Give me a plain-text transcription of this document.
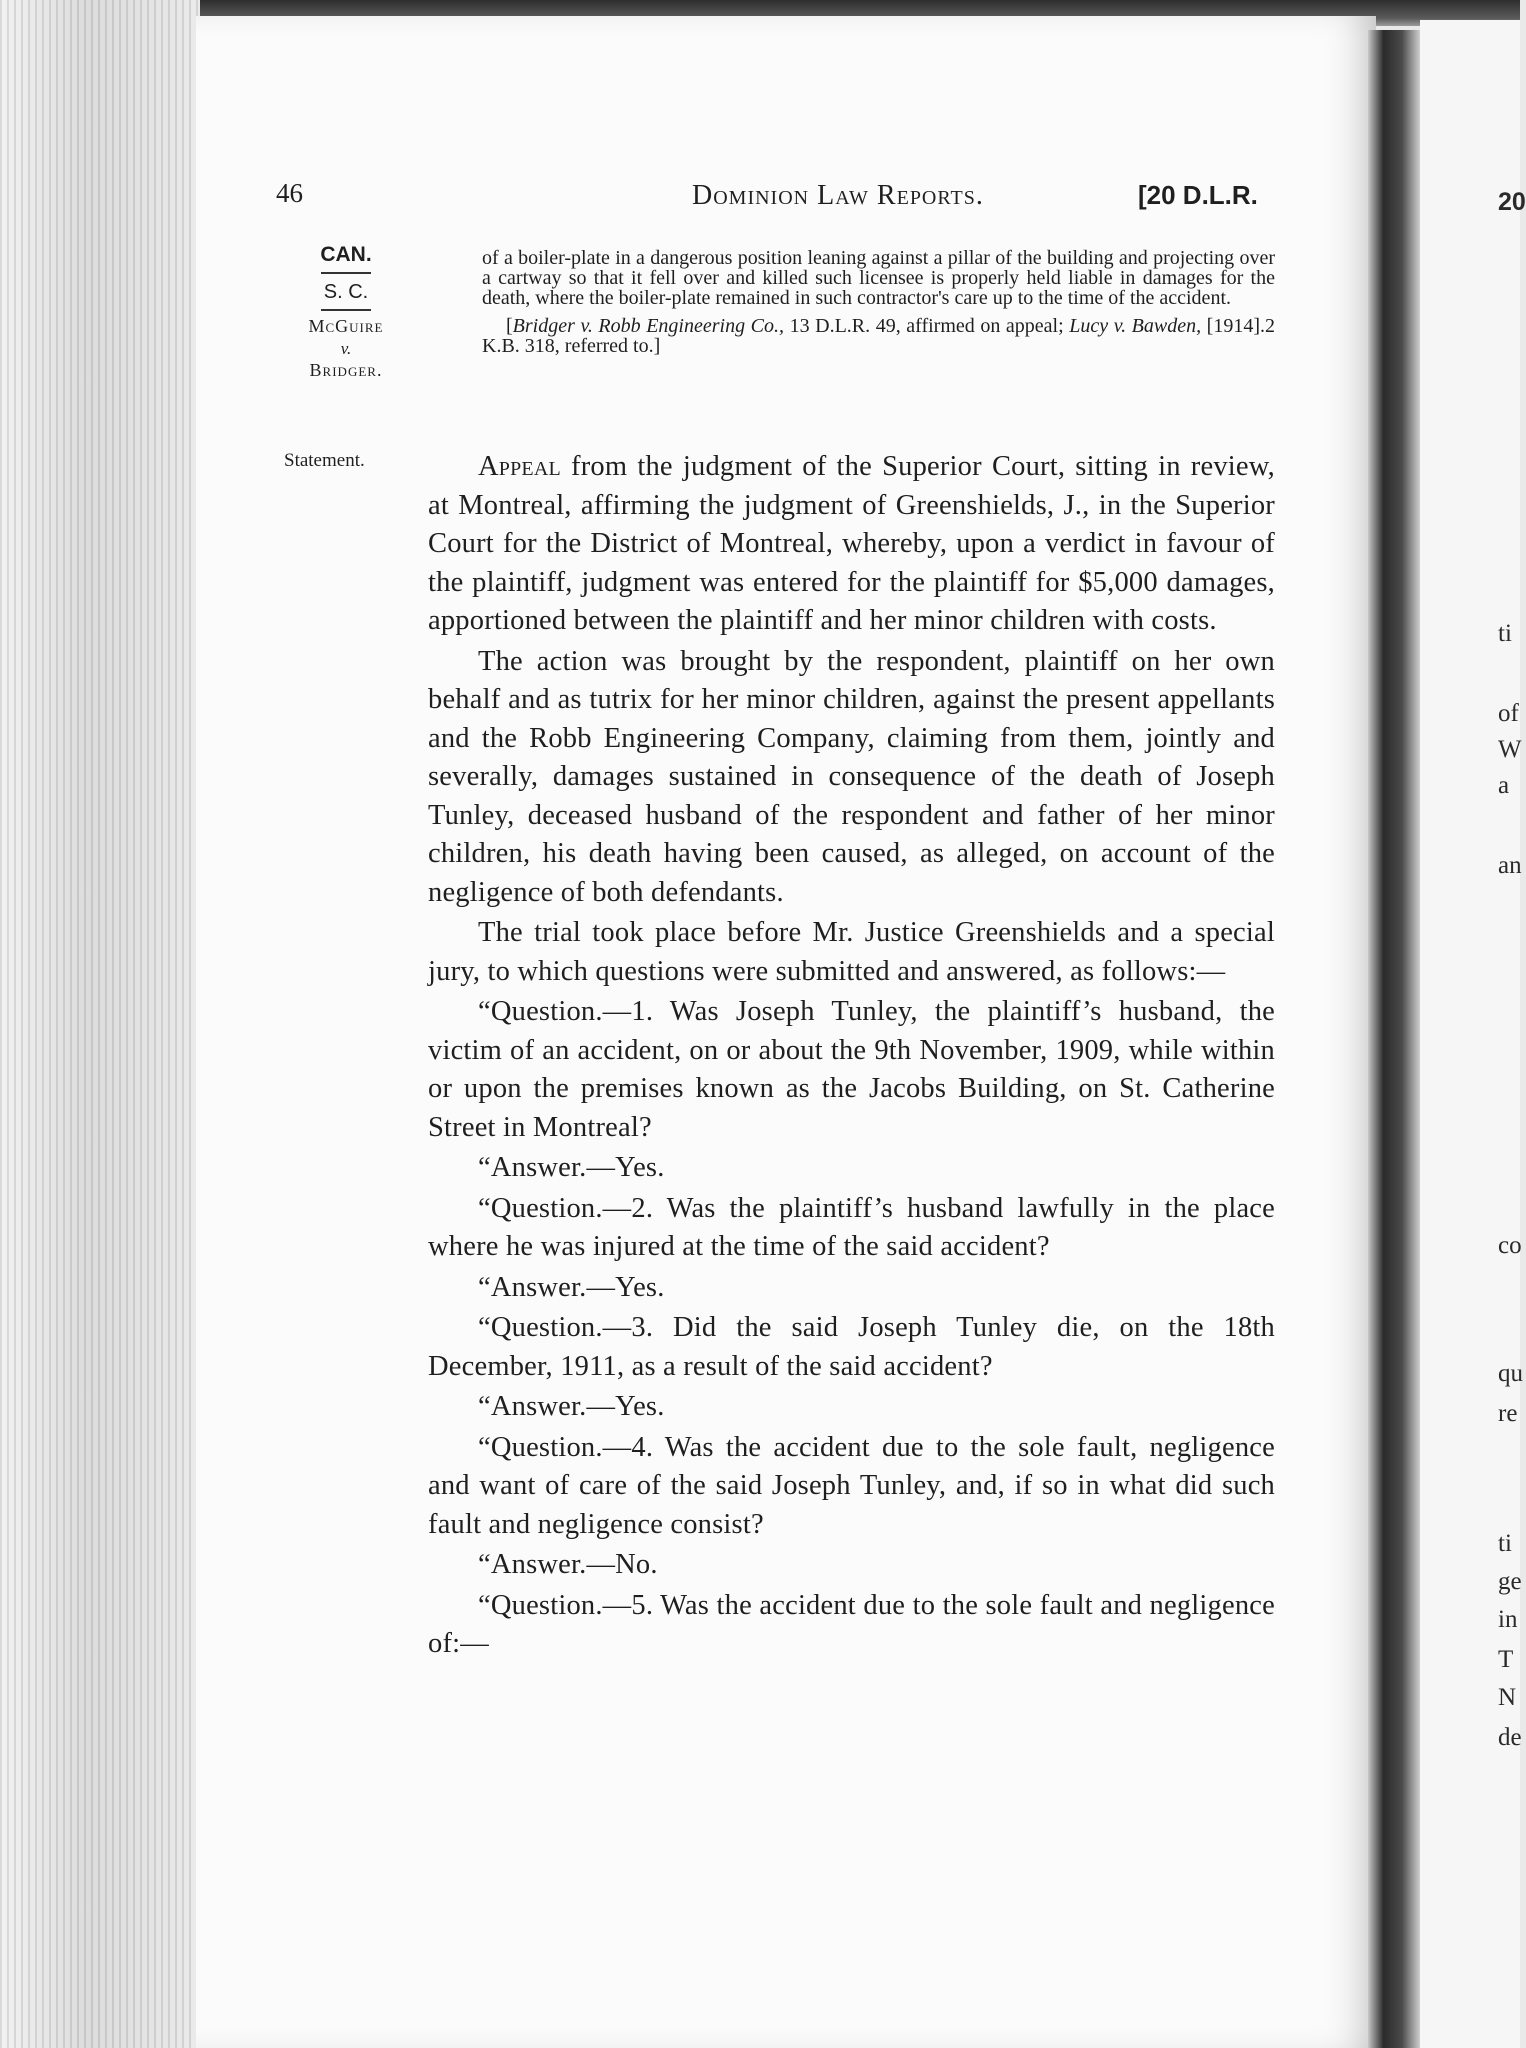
20
ti
of
W
a
an
co
qu
re
ti
ge
in
T
N
de
46	Dominion Law Reports.	[20 D.L.R.
CAN.
S. C.
McGuire
v.
Bridger.
Statement.

of a boiler-plate in a dangerous position leaning against a pillar of the building and projecting over a cartway so that it fell over and killed such licensee is properly held liable in damages for the death, where the boiler-plate remained in such contractor's care up to the time of the accident.

[Bridger v. Robb Engineering Co., 13 D.L.R. 49, affirmed on appeal; Lucy v. Bawden, [1914].2 K.B. 318, referred to.]

Appeal from the judgment of the Superior Court, sitting in review, at Montreal, affirming the judgment of Greenshields, J., in the Superior Court for the District of Montreal, whereby, upon a verdict in favour of the plaintiff, judgment was entered for the plaintiff for $5,000 damages, apportioned between the plaintiff and her minor children with costs.

The action was brought by the respondent, plaintiff on her own behalf and as tutrix for her minor children, against the present appellants and the Robb Engineering Company, claiming from them, jointly and severally, damages sustained in consequence of the death of Joseph Tunley, deceased husband of the respondent and father of her minor children, his death having been caused, as alleged, on account of the negligence of both defendants.

The trial took place before Mr. Justice Greenshields and a special jury, to which questions were submitted and answered, as follows:—

“Question.—1. Was Joseph Tunley, the plaintiff’s husband, the victim of an accident, on or about the 9th November, 1909, while within or upon the premises known as the Jacobs Building, on St. Catherine Street in Montreal?

“Answer.—Yes.

“Question.—2. Was the plaintiff’s husband lawfully in the place where he was injured at the time of the said accident?

“Answer.—Yes.

“Question.—3. Did the said Joseph Tunley die, on the 18th December, 1911, as a result of the said accident?

“Answer.—Yes.

“Question.—4. Was the accident due to the sole fault, negligence and want of care of the said Joseph Tunley, and, if so in what did such fault and negligence consist?

“Answer.—No.

“Question.—5. Was the accident due to the sole fault and negligence of:—
